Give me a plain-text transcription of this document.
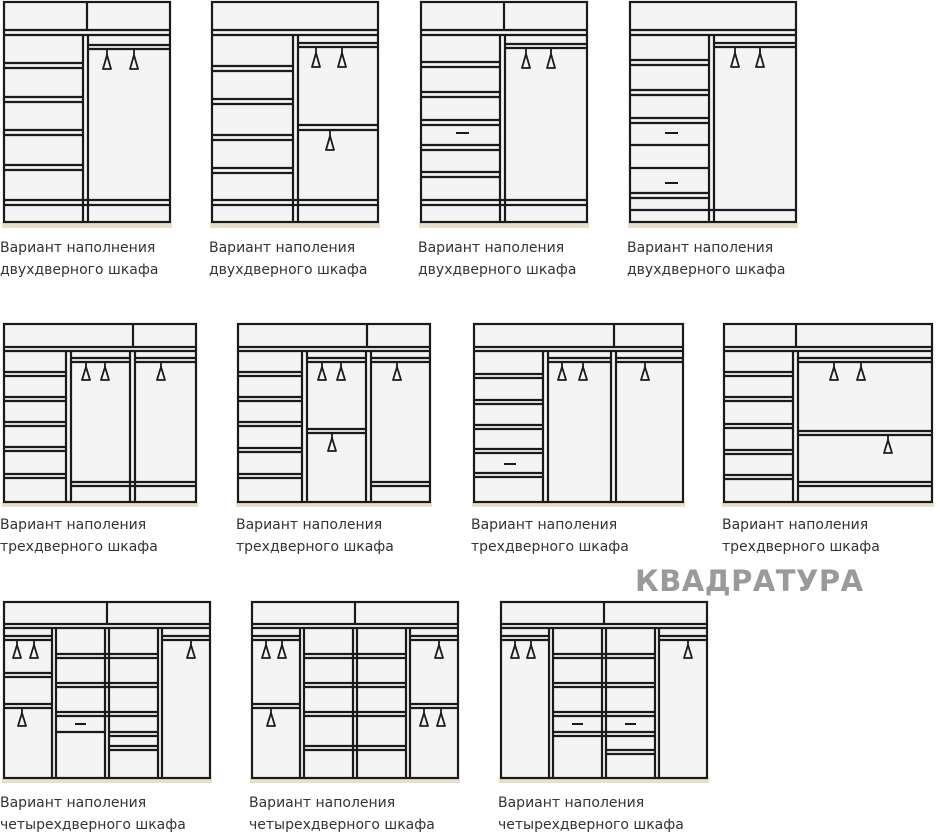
Вариант наполнения
двухдверного шкафа
Вариант наполения
двухдверного шкафа
Вариант наполения
двухдверного шкафа
Вариант наполения
двухдверного шкафа
Вариант наполения
трехдверного шкафа
Вариант наполения
трехдверного шкафа
Вариант наполения
трехдверного шкафа
Вариант наполения
трехдверного шкафа
КВАДРАТУРА
Вариант наполения
четырехдверного шкафа
Вариант наполения
четырехдверного шкафа
Вариант наполения
четырехдверного шкафа
